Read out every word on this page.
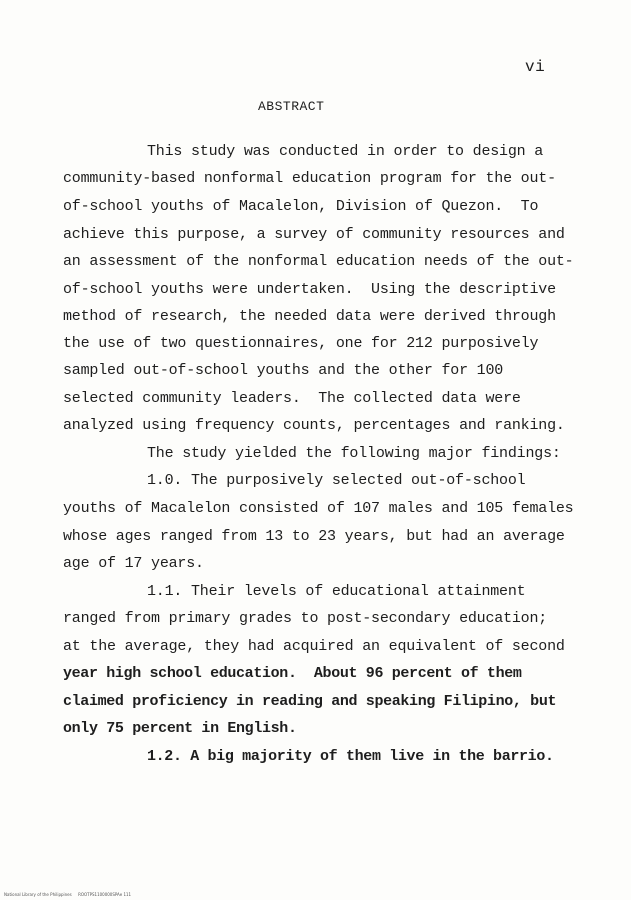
vi
ABSTRACT
This study was conducted in order to design a
community-based nonformal education program for the out-
of-school youths of Macalelon, Division of Quezon.  To
achieve this purpose, a survey of community resources and
an assessment of the nonformal education needs of the out-
of-school youths were undertaken.  Using the descriptive
method of research, the needed data were derived through
the use of two questionnaires, one for 212 purposively
sampled out-of-school youths and the other for 100
selected community leaders.  The collected data were
analyzed using frequency counts, percentages and ranking.
The study yielded the following major findings:
1.0. The purposively selected out-of-school
youths of Macalelon consisted of 107 males and 105 females
whose ages ranged from 13 to 23 years, but had an average
age of 17 years.
1.1. Their levels of educational attainment
ranged from primary grades to post-secondary education;
at the average, they had acquired an equivalent of second
year high school education.  About 96 percent of them
claimed proficiency in reading and speaking Filipino, but
only 75 percent in English.
1.2. A big majority of them live in the barrio.
National Library of the Philippines     ROOTPS1100000SPAe 111
